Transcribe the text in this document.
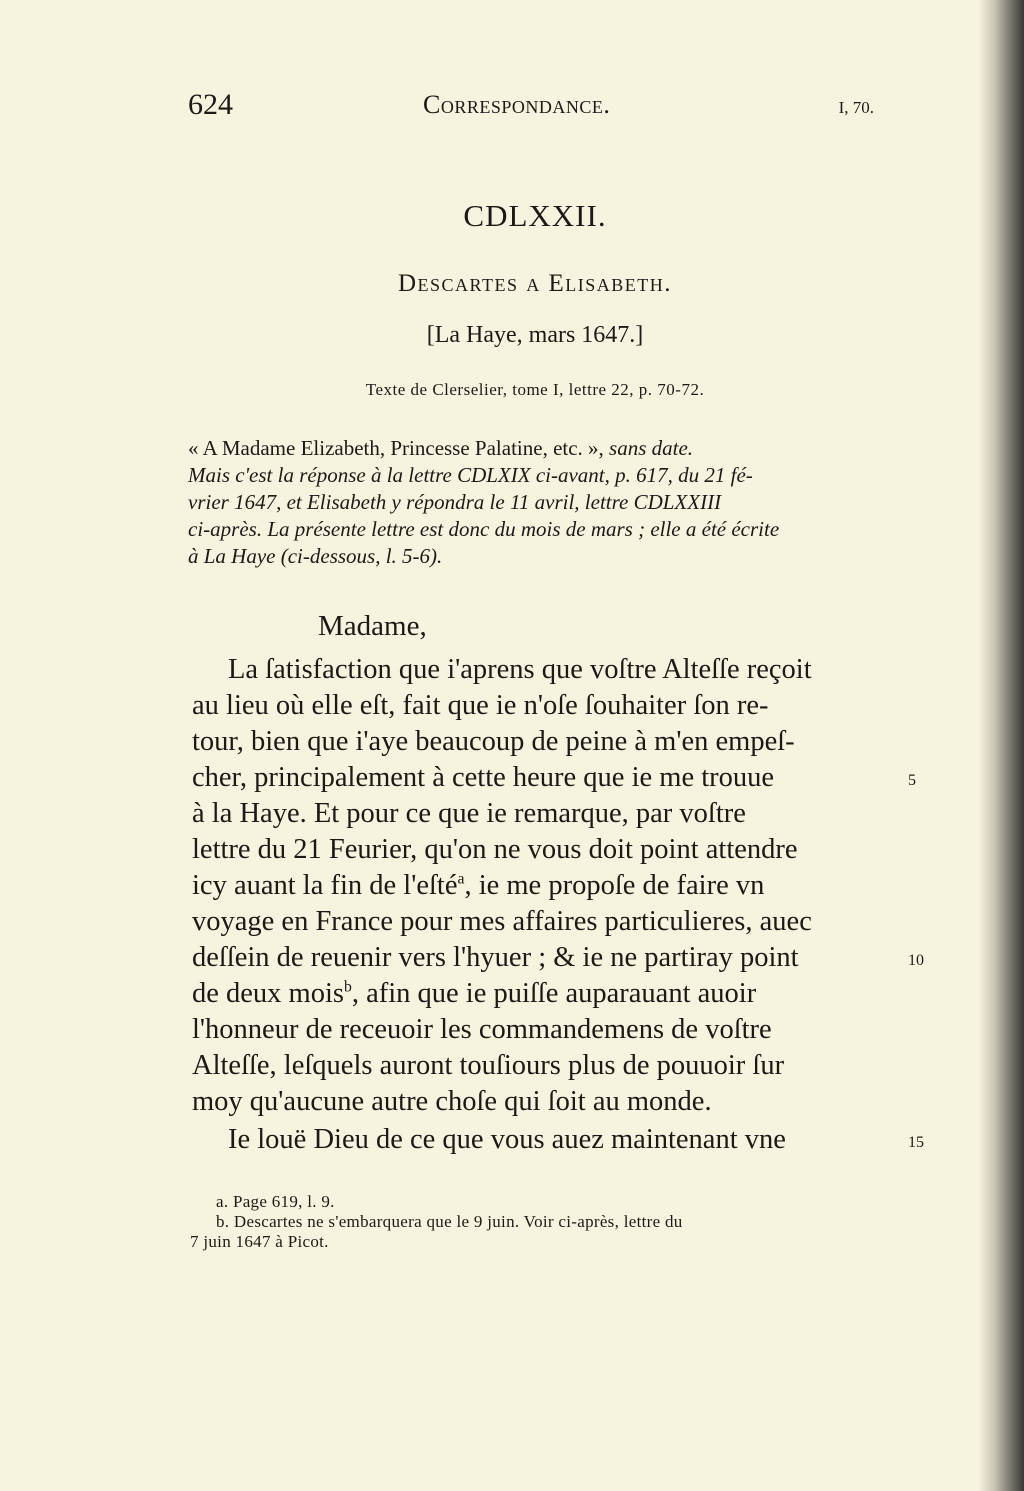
624	Correspondance.	I, 70.
CDLXXII.
Descartes a Elisabeth.
[La Haye, mars 1647.]
Texte de Clerselier, tome I, lettre 22, p. 70-72.
« A Madame Elizabeth, Princesse Palatine, etc. », sans date.
Mais c'est la réponse à la lettre CDLXIX ci-avant, p. 617, du 21 fé-
vrier 1647, et Elisabeth y répondra le 11 avril, lettre CDLXXIII
ci-après. La présente lettre est donc du mois de mars ; elle a été écrite
à La Haye (ci-dessous, l. 5-6).
Madame,
La ſatisfaction que i'aprens que voſtre Alteſſe reçoit
au lieu où elle eſt, fait que ie n'oſe ſouhaiter ſon re-
tour, bien que i'aye beaucoup de peine à m'en empeſ-
cher, principalement à cette heure que ie me trouue
à la Haye. Et pour ce que ie remarque, par voſtre
lettre du 21 Feurier, qu'on ne vous doit point attendre
icy auant la fin de l'eſté$^a$, ie me propoſe de faire vn
voyage en France pour mes affaires particulieres, auec
deſſein de reuenir vers l'hyuer ; & ie ne partiray point
de deux mois$^b$, afin que ie puiſſe auparauant auoir
l'honneur de receuoir les commandemens de voſtre
Alteſſe, leſquels auront touſiours plus de pouuoir ſur
moy qu'aucune autre choſe qui ſoit au monde.
Ie louë Dieu de ce que vous auez maintenant vne
5
10
15
a. Page 619, l. 9.
b. Descartes ne s'embarquera que le 9 juin. Voir ci-après, lettre du
7 juin 1647 à Picot.
